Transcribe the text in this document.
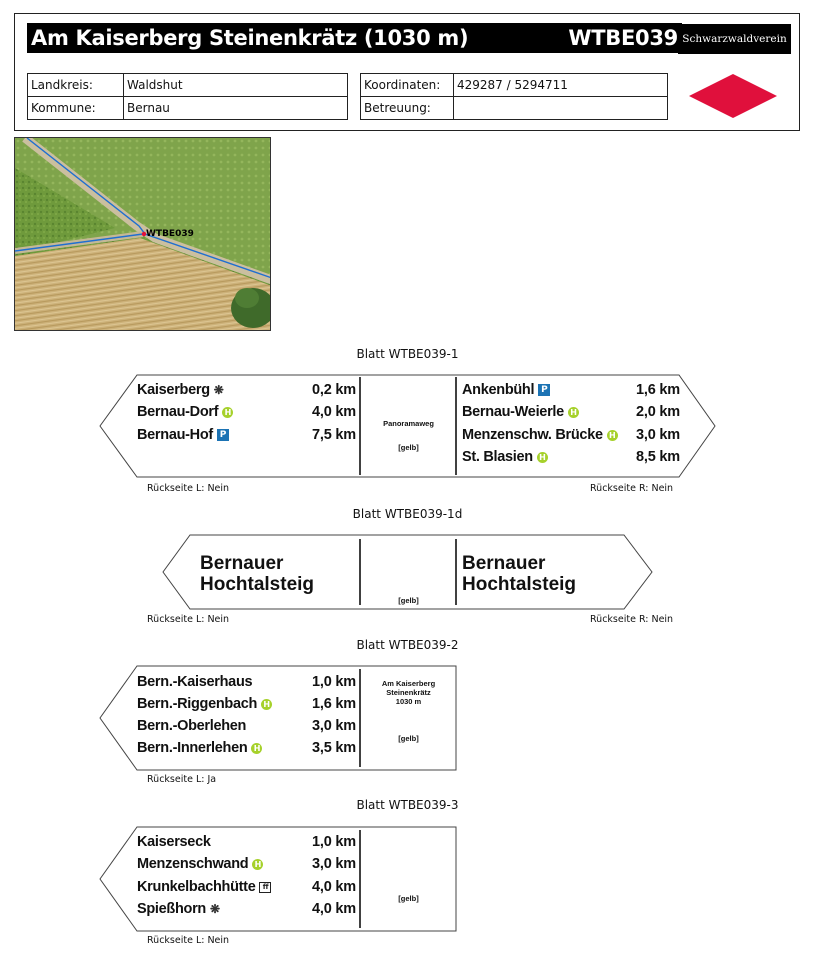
Am Kaiserberg Steinenkrätz (1030 m)	WTBE039 Schwarzwaldverein
Landkreis:	Waldshut
Kommune:	Bernau
Koordinaten:	429287 / 5294711
Betreuung:	
WTBE039
Blatt WTBE039-1
Kaiserberg ❋	0,2 km
Bernau-Dorf H	4,0 km
Bernau-Hof P	7,5 km
Panoramaweg
[gelb]
Ankenbühl P	1,6 km
Bernau-Weierle H	2,0 km
Menzenschw. Brücke H	3,0 km
St. Blasien H	8,5 km
Rückseite L: Nein	Rückseite R: Nein
Blatt WTBE039-1d
Bernauer
Hochtalsteig
[gelb]
Bernauer
Hochtalsteig
Rückseite L: Nein	Rückseite R: Nein
Blatt WTBE039-2
Bern.-Kaiserhaus	1,0 km
Bern.-Riggenbach H	1,6 km
Bern.-Oberlehen	3,0 km
Bern.-Innerlehen H	3,5 km
Am Kaiserberg
Steinenkrätz
1030 m
[gelb]
Rückseite L: Ja
Blatt WTBE039-3
Kaiserseck	1,0 km
Menzenschwand H	3,0 km
Krunkelbachhütte	ff	4,0 km
Spießhorn ❋	4,0 km
[gelb]
Rückseite L: Nein
